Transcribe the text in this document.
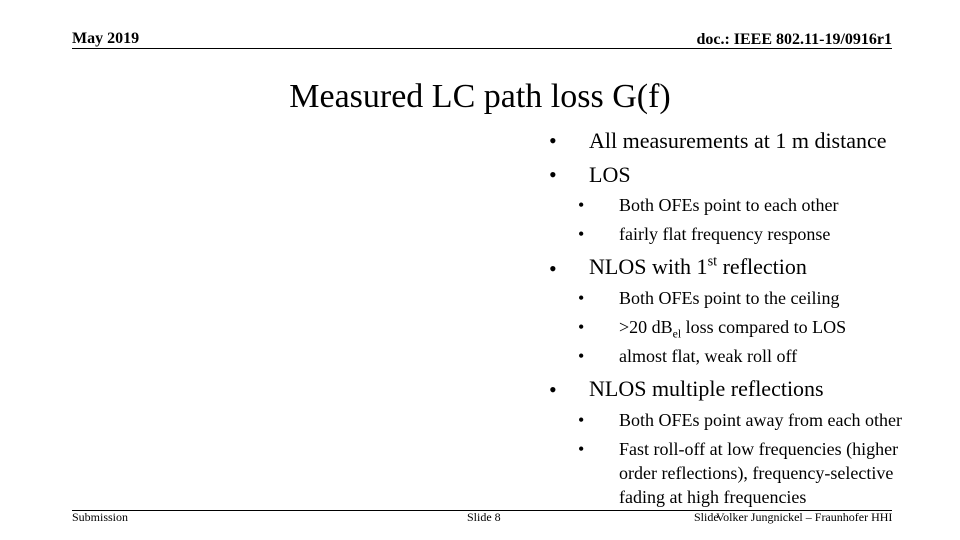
May 2019	doc.: IEEE 802.11-19/0916r1
Measured LC path loss G(f)
• All measurements at 1 m distance
• LOS
• Both OFEs point to each other
• fairly flat frequency response
• NLOS with 1st reflection
• Both OFEs point to the ceiling
• >20 $dB_{el}$ loss compared to LOS
• almost flat, weak roll off
• NLOS multiple reflections
• Both OFEs point away from each other
• Fast roll-off at low frequencies (higher order reflections), frequency-selective fading at high frequencies
Submission	Slide 8	Slide
Volker Jungnickel – Fraunhofer HHI
